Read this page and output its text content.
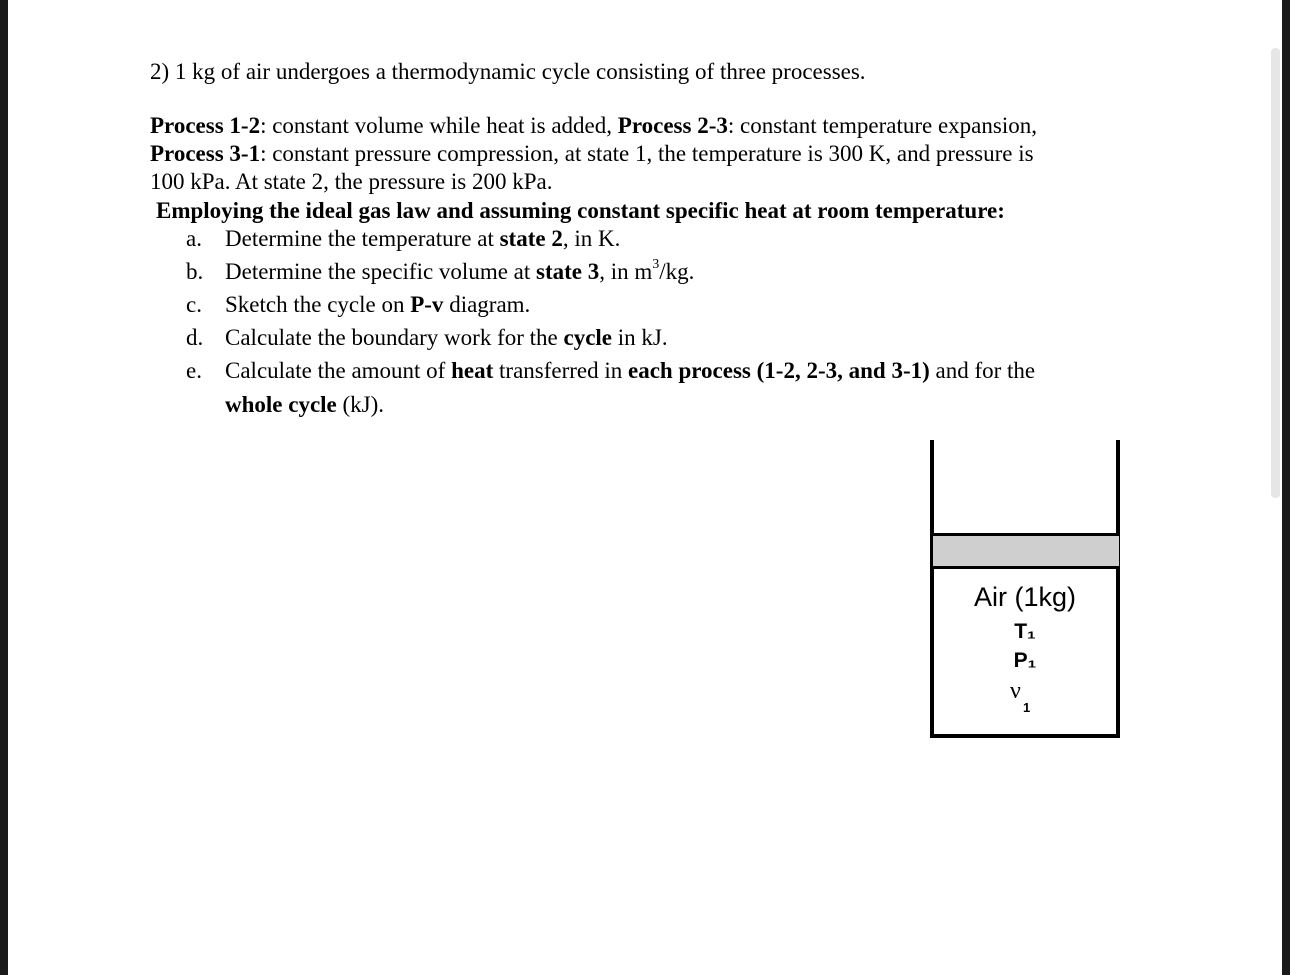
2) 1 kg of air undergoes a thermodynamic cycle consisting of three processes.
Process 1-2: constant volume while heat is added, Process 2-3: constant temperature expansion,
Process 3-1: constant pressure compression, at state 1, the temperature is 300 K, and pressure is
100 kPa. At state 2, the pressure is 200 kPa.
Employing the ideal gas law and assuming constant specific heat at room temperature:
a.	Determine the temperature at state 2, in K.
b. Determine the specific volume at state 3, in $m^3/kg$.
c.	Sketch the cycle on P-v diagram.
d. Calculate the boundary work for the cycle in kJ.
e.	Calculate the amount of heat transferred in each process (1-2, 2-3, and 3-1) and for the
whole cycle (kJ).
Air (1kg)
T₁
P₁
ν
1
